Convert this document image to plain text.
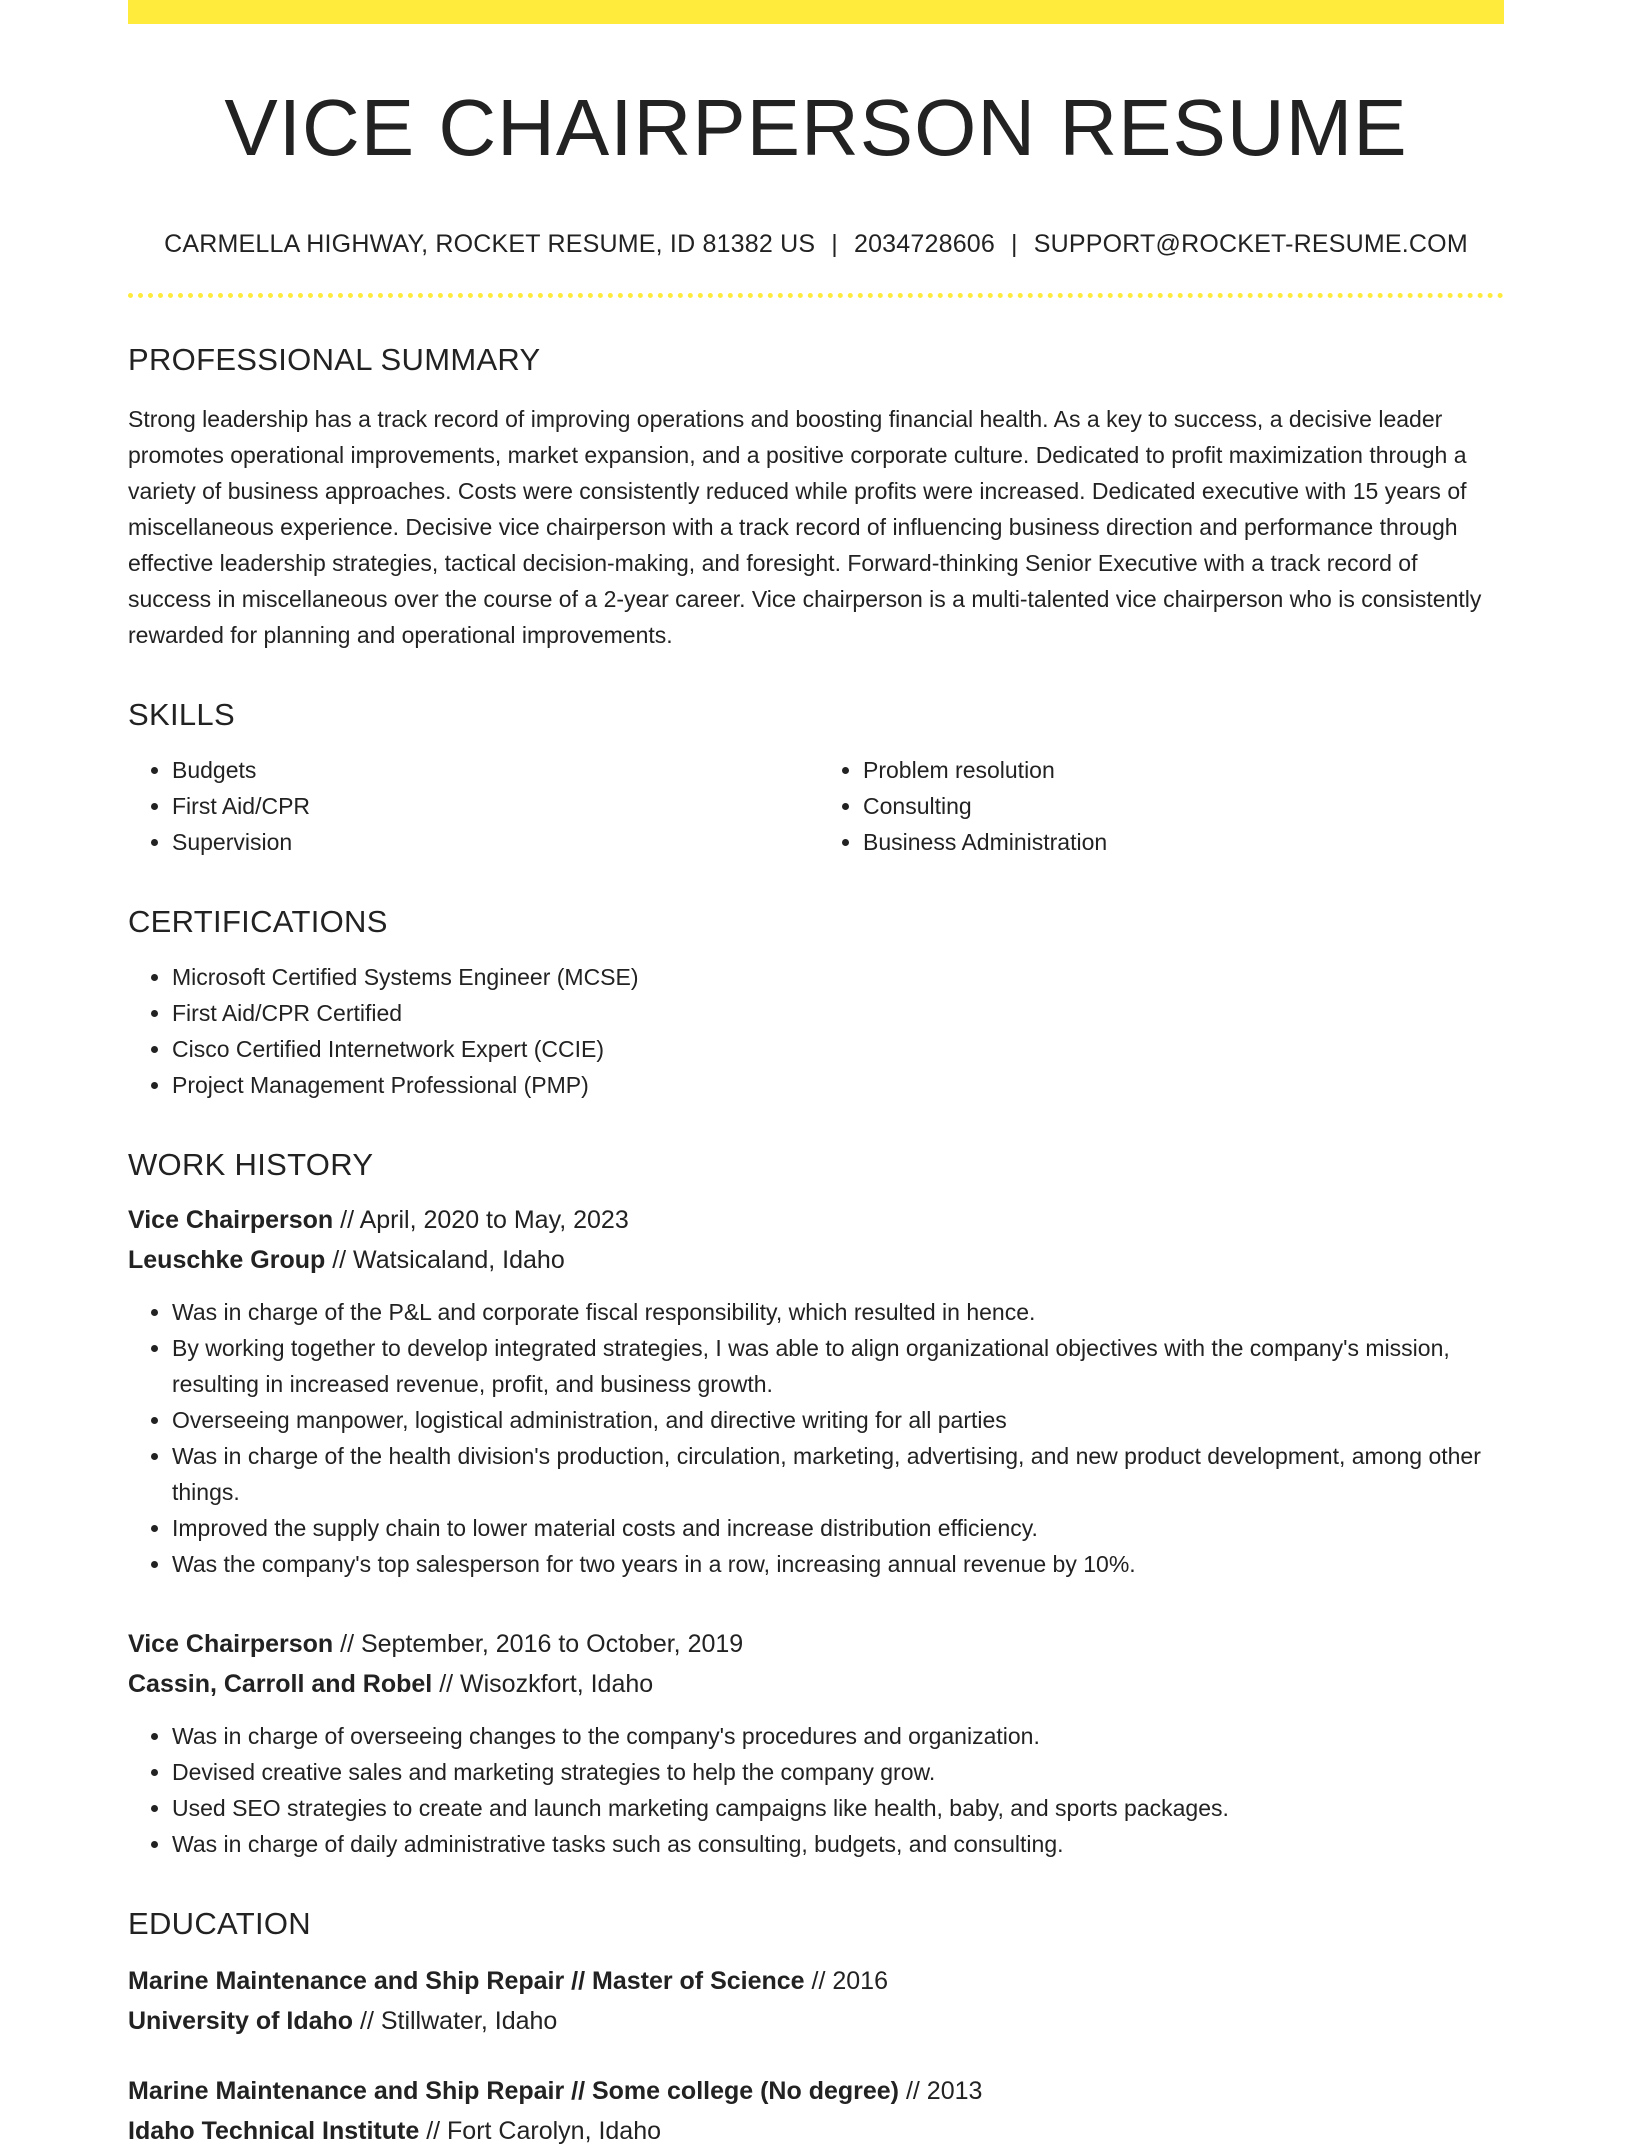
VICE CHAIRPERSON RESUME
CARMELLA HIGHWAY, ROCKET RESUME, ID 81382 US | 2034728606 | SUPPORT@ROCKET-RESUME.COM
PROFESSIONAL SUMMARY
Strong leadership has a track record of improving operations and boosting financial health. As a key to success, a decisive leader promotes operational improvements, market expansion, and a positive corporate culture. Dedicated to profit maximization through a variety of business approaches. Costs were consistently reduced while profits were increased. Dedicated executive with 15 years of miscellaneous experience. Decisive vice chairperson with a track record of influencing business direction and performance through effective leadership strategies, tactical decision-making, and foresight. Forward-thinking Senior Executive with a track record of success in miscellaneous over the course of a 2-year career. Vice chairperson is a multi-talented vice chairperson who is consistently rewarded for planning and operational improvements.
SKILLS
• Budgets
• First Aid/CPR
• Supervision
• Problem resolution
• Consulting
• Business Administration
CERTIFICATIONS
• Microsoft Certified Systems Engineer (MCSE)
• First Aid/CPR Certified
• Cisco Certified Internetwork Expert (CCIE)
• Project Management Professional (PMP)
WORK HISTORY
Vice Chairperson // April, 2020 to May, 2023
Leuschke Group // Watsicaland, Idaho
• Was in charge of the P&L and corporate fiscal responsibility, which resulted in hence.
• By working together to develop integrated strategies, I was able to align organizational objectives with the company's mission, resulting in increased revenue, profit, and business growth.
• Overseeing manpower, logistical administration, and directive writing for all parties
• Was in charge of the health division's production, circulation, marketing, advertising, and new product development, among other things.
• Improved the supply chain to lower material costs and increase distribution efficiency.
• Was the company's top salesperson for two years in a row, increasing annual revenue by 10%.
Vice Chairperson // September, 2016 to October, 2019
Cassin, Carroll and Robel // Wisozkfort, Idaho
• Was in charge of overseeing changes to the company's procedures and organization.
• Devised creative sales and marketing strategies to help the company grow.
• Used SEO strategies to create and launch marketing campaigns like health, baby, and sports packages.
• Was in charge of daily administrative tasks such as consulting, budgets, and consulting.
EDUCATION
Marine Maintenance and Ship Repair // Master of Science // 2016
University of Idaho // Stillwater, Idaho
Marine Maintenance and Ship Repair // Some college (No degree) // 2013
Idaho Technical Institute // Fort Carolyn, Idaho
